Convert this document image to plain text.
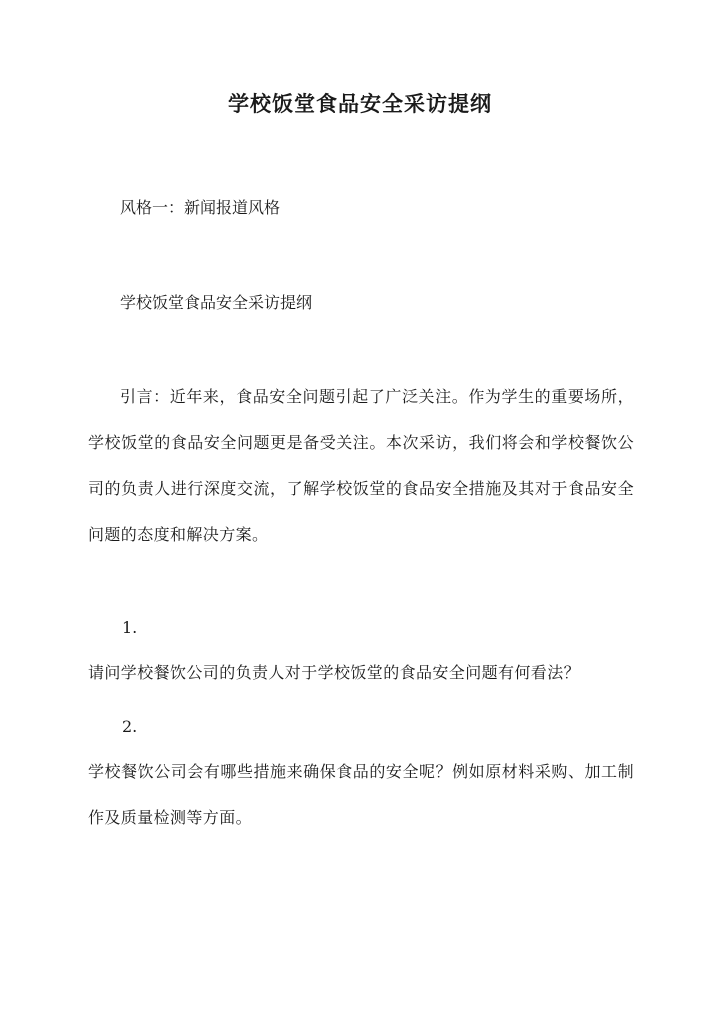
学校饭堂食品安全采访提纲
风格一：新闻报道风格
学校饭堂食品安全采访提纲
引言：近年来，食品安全问题引起了广泛关注。作为学生的重要场所，学校饭堂的食品安全问题更是备受关注。本次采访，我们将会和学校餐饮公司的负责人进行深度交流，了解学校饭堂的食品安全措施及其对于食品安全问题的态度和解决方案。
1.
请问学校餐饮公司的负责人对于学校饭堂的食品安全问题有何看法？
2.
学校餐饮公司会有哪些措施来确保食品的安全呢？例如原材料采购、加工制作及质量检测等方面。
